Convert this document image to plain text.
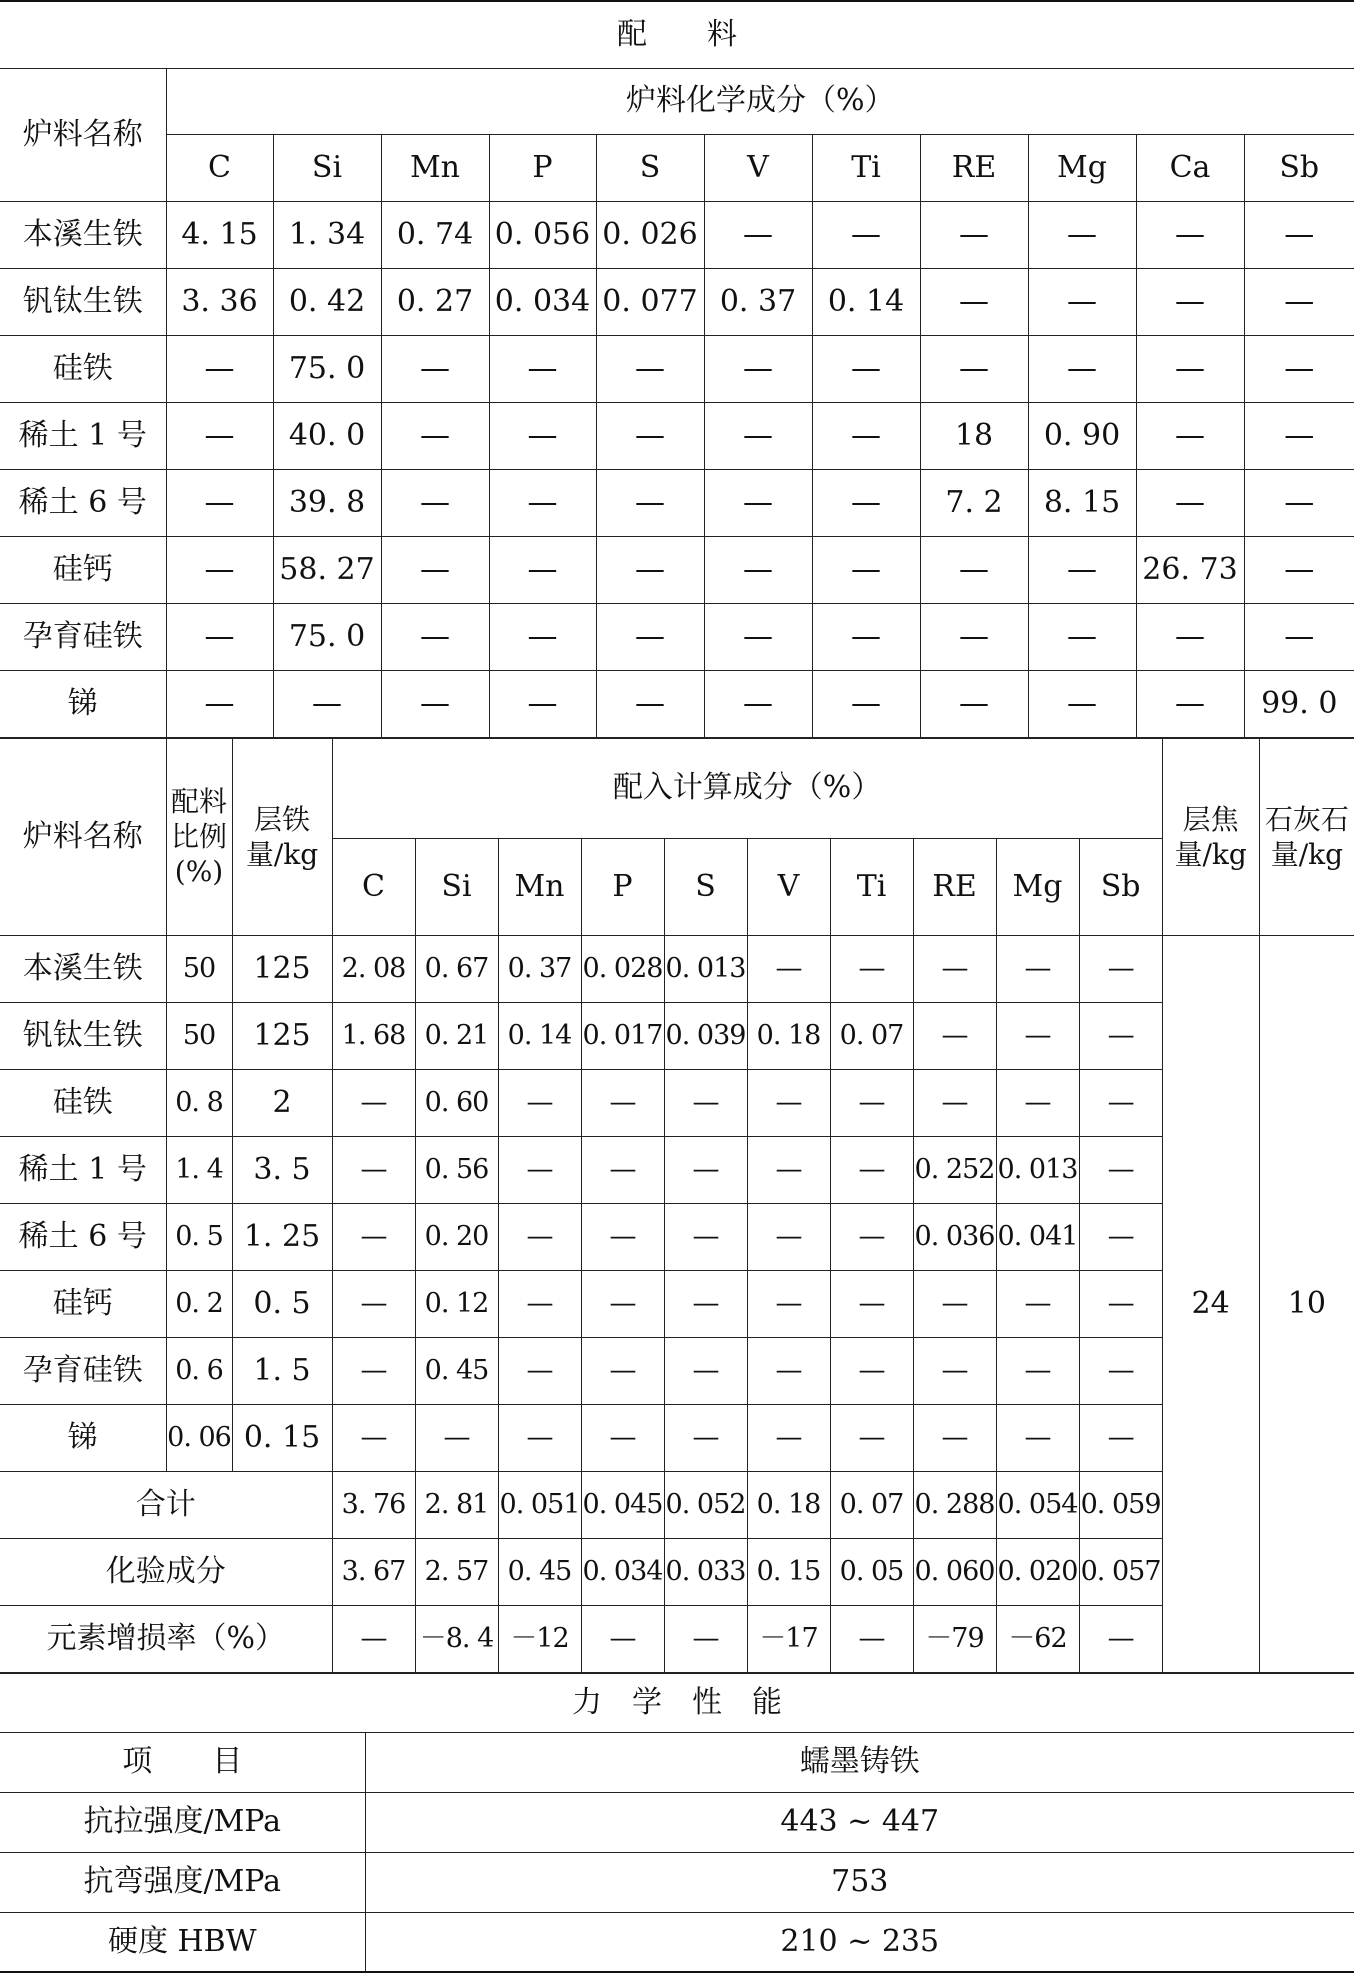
配　　料											
炉料名称	炉料化学成分（%）										
	C	Si	Mn	P	S	V	Ti	RE	Mg	Ca	Sb
本溪生铁	4. 15	1. 34	0. 74	0. 056	0. 026	—	—	—	—	—	—
钒钛生铁	3. 36	0. 42	0. 27	0. 034	0. 077	0. 37	0. 14	—	—	—	—
硅铁	—	75. 0	—	—	—	—	—	—	—	—	—
稀土 1 号	—	40. 0	—	—	—	—	—	18	0. 90	—	—
稀土 6 号	—	39. 8	—	—	—	—	—	7. 2	8. 15	—	—
硅钙	—	58. 27	—	—	—	—	—	—	—	26. 73	—
孕育硅铁	—	75. 0	—	—	—	—	—	—	—	—	—
锑	—	—	—	—	—	—	—	—	—	—	99. 0
炉料名称	配料比例(%)	层铁量/kg	配入计算成分（%）										层焦量/kg	石灰石量/kg
			C	Si	Mn	P	S	V	Ti	RE	Mg	Sb		
本溪生铁	50	125	2. 08	0. 67	0. 37	0. 028	0. 013	—	—	—	—	—	24	10
钒钛生铁	50	125	1. 68	0. 21	0. 14	0. 017	0. 039	0. 18	0. 07	—	—	—		
硅铁	0. 8	2	—	0. 60	—	—	—	—	—	—	—	—		
稀土 1 号	1. 4	3. 5	—	0. 56	—	—	—	—	—	0. 252	0. 013	—		
稀土 6 号	0. 5	1. 25	—	0. 20	—	—	—	—	—	0. 036	0. 041	—		
硅钙	0. 2	0. 5	—	0. 12	—	—	—	—	—	—	—	—		
孕育硅铁	0. 6	1. 5	—	0. 45	—	—	—	—	—	—	—	—		
锑	0. 06	0. 15	—	—	—	—	—	—	—	—	—	—		
合计			3. 76	2. 81	0. 051	0. 045	0. 052	0. 18	0. 07	0. 288	0. 054	0. 059		
化验成分			3. 67	2. 57	0. 45	0. 034	0. 033	0. 15	0. 05	0. 060	0. 020	0. 057		
元素增损率（%）			—	－8. 4	－12	—	—	－17	—	－79	－62	—		
力　学　性　能	
项　　目	蠕墨铸铁
抗拉强度/MPa	443 ~ 447
抗弯强度/MPa	753
硬度 HBW	210 ~ 235
